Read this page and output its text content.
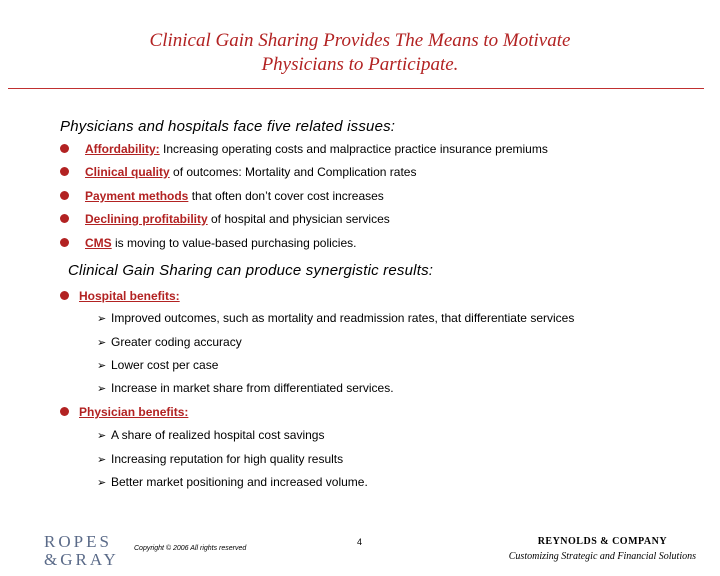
Clinical Gain Sharing Provides The Means to Motivate
Physicians to Participate.
Physicians and hospitals face five related issues:
Affordability: Increasing operating costs and malpractice practice insurance premiums
Clinical quality of outcomes: Mortality and Complication rates
Payment methods that often don’t cover cost increases
Declining profitability of hospital and physician services
CMS is moving to value-based purchasing policies.
Clinical Gain Sharing can produce synergistic results:
Hospital benefits:
➢ Improved outcomes, such as mortality and readmission rates, that differentiate services
➢ Greater coding accuracy
➢ Lower cost per case
➢ Increase in market share from differentiated services.
Physician benefits:
➢ A share of realized hospital cost savings
➢ Increasing reputation for high quality results
➢ Better market positioning and increased volume.
ROPES
&GRAY
Copyright © 2006 All rights reserved
4	REYNOLDS & COMPANY
Customizing Strategic and Financial Solutions
